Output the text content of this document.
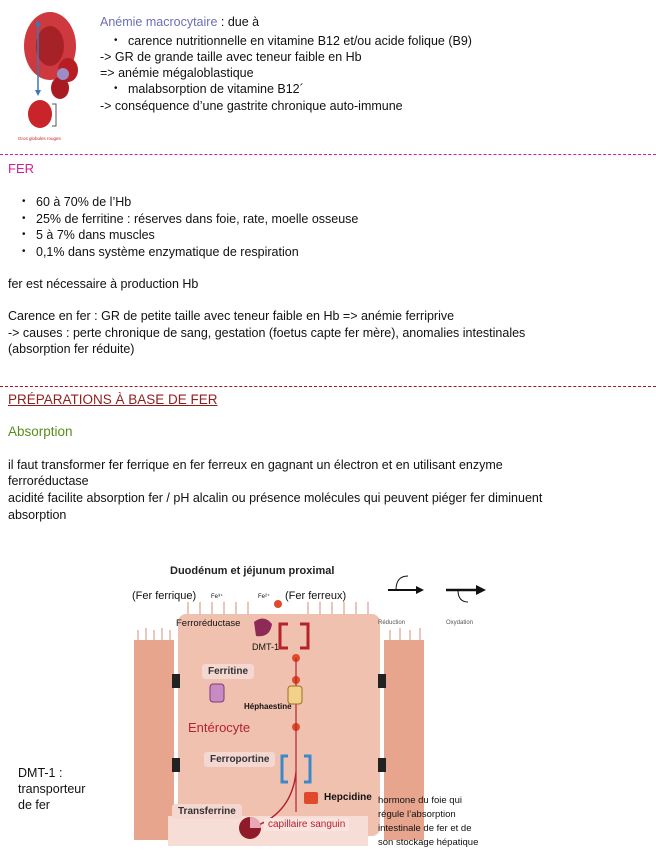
Gros globules rouges
Anémie macrocytaire : due à
• carence nutritionnelle en vitamine B12 et/ou acide folique (B9)
-> GR de grande taille avec teneur faible en Hb
=> anémie mégaloblastique
• malabsorption de vitamine B12´
-> conséquence d’une gastrite chronique auto-immune
FER
• 60 à 70% de l’Hb
• 25% de ferritine : réserves dans foie, rate, moelle osseuse
• 5 à 7% dans muscles
• 0,1% dans système enzymatique de respiration
fer est nécessaire à production Hb
Carence en fer : GR de petite taille avec teneur faible en Hb => anémie ferriprive
-> causes : perte chronique de sang, gestation (foetus capte fer mère), anomalies intestinales
(absorption fer réduite)
PRÉPARATIONS À BASE DE FER
Absorption
il faut transformer fer ferrique en fer ferreux en gagnant un électron et en utilisant enzyme
ferroréductase
acidité facilite absorption fer / pH alcalin ou présence molécules qui peuvent piéger fer diminuent
absorption
DMT-1 :
transporteur
de fer
Duodénum et jéjunum proximal
(Fer ferrique) Fe³⁺	Fe²⁺ (Fer ferreux)
Ferroréductase
DMT-1
Ferritine
Héphaestine
Entérocyte
Ferroportine
Hepcidine
Transferrine
capillaire sanguin
Réduction	Oxydation
hormone du foie qui
régule l’absorption
intestinale de fer et de
son stockage hépatique
